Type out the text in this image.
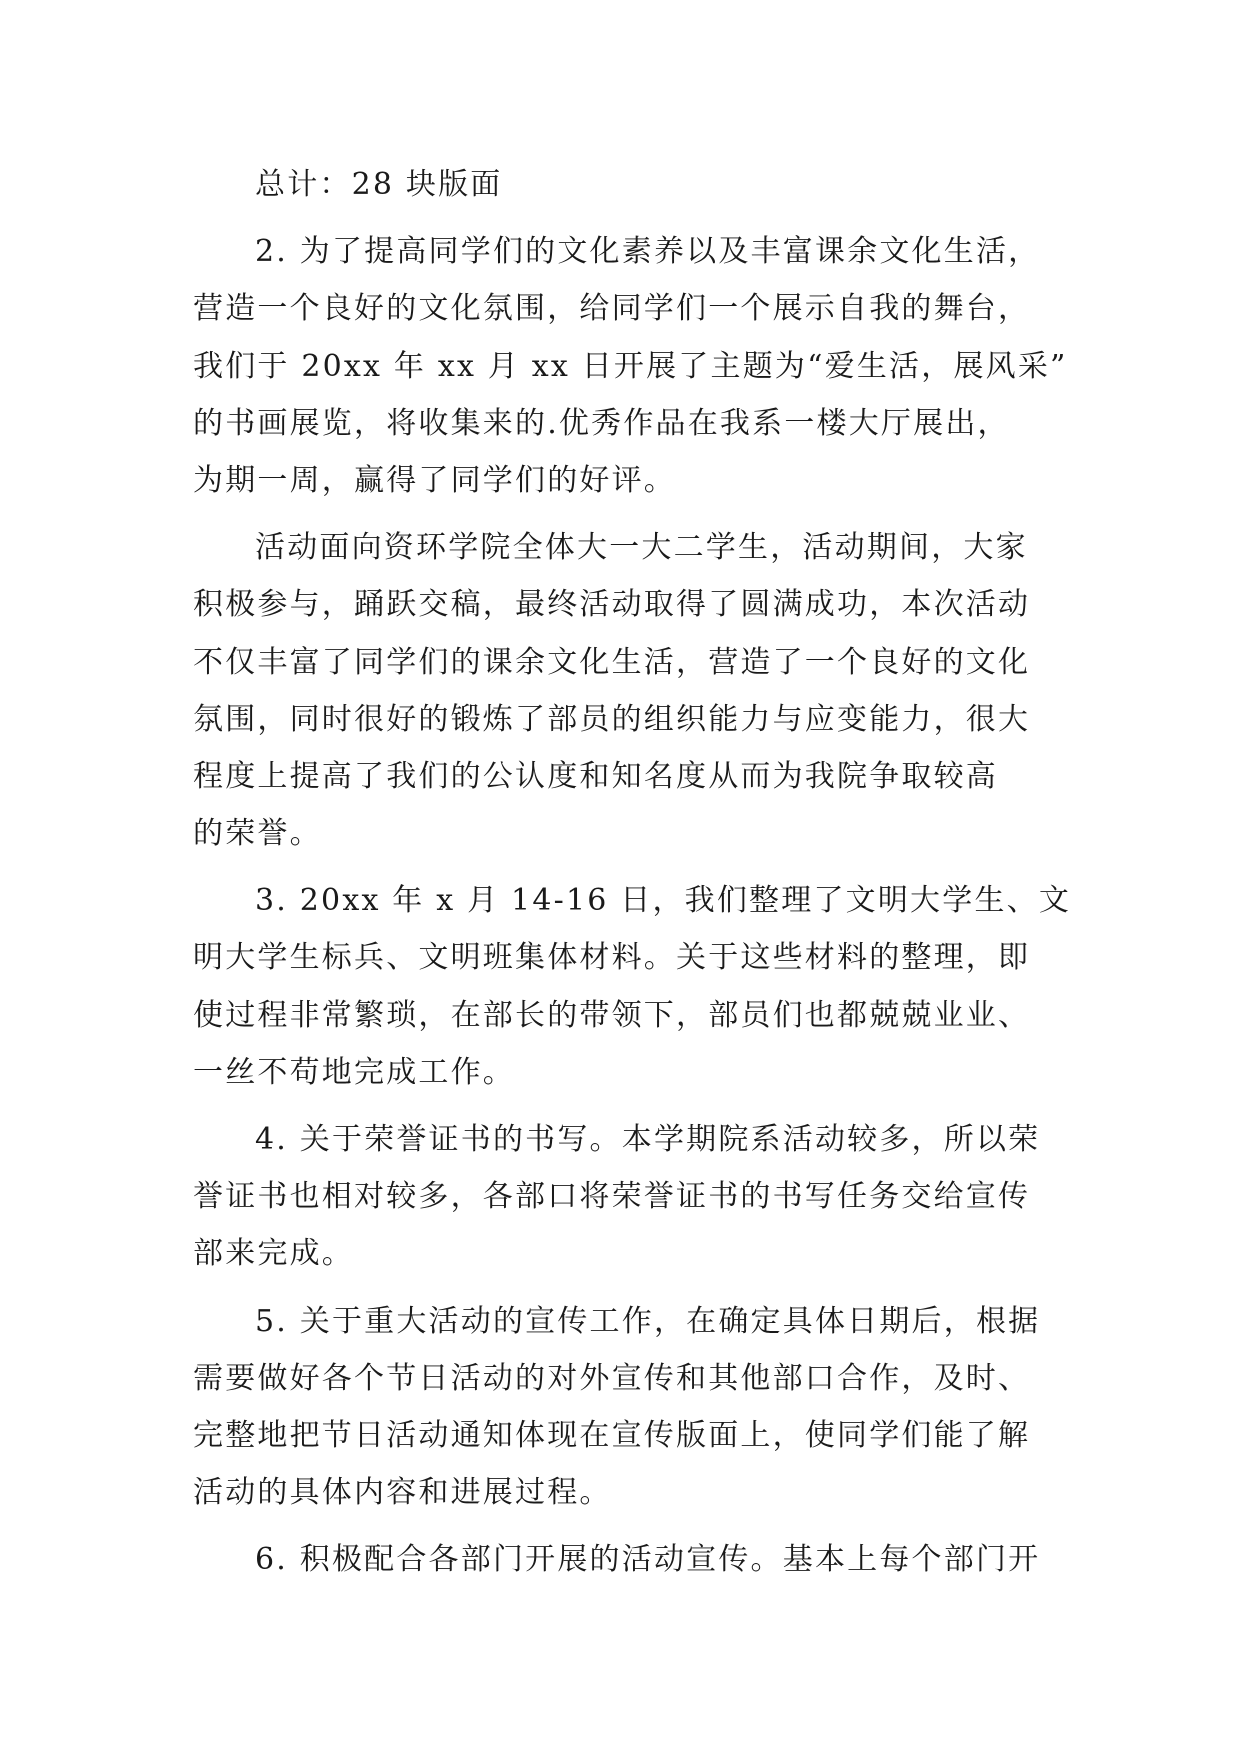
总计：28 块版面

2. 为了提高同学们的文化素养以及丰富课余文化生活，
营造一个良好的文化氛围，给同学们一个展示自我的舞台，
我们于 20xx 年 xx 月 xx 日开展了主题为“爱生活，展风采”
的书画展览，将收集来的.优秀作品在我系一楼大厅展出，
为期一周，赢得了同学们的好评。

活动面向资环学院全体大一大二学生，活动期间，大家
积极参与，踊跃交稿，最终活动取得了圆满成功，本次活动
不仅丰富了同学们的课余文化生活，营造了一个良好的文化
氛围，同时很好的锻炼了部员的组织能力与应变能力，很大
程度上提高了我们的公认度和知名度从而为我院争取较高
的荣誉。

3. 20xx 年 x 月 14-16 日，我们整理了文明大学生、文
明大学生标兵、文明班集体材料。关于这些材料的整理，即
使过程非常繁琐，在部长的带领下，部员们也都兢兢业业、
一丝不苟地完成工作。

4. 关于荣誉证书的书写。本学期院系活动较多，所以荣
誉证书也相对较多，各部口将荣誉证书的书写任务交给宣传
部来完成。

5. 关于重大活动的宣传工作，在确定具体日期后，根据
需要做好各个节日活动的对外宣传和其他部口合作，及时、
完整地把节日活动通知体现在宣传版面上，使同学们能了解
活动的具体内容和进展过程。

6. 积极配合各部门开展的活动宣传。基本上每个部门开
